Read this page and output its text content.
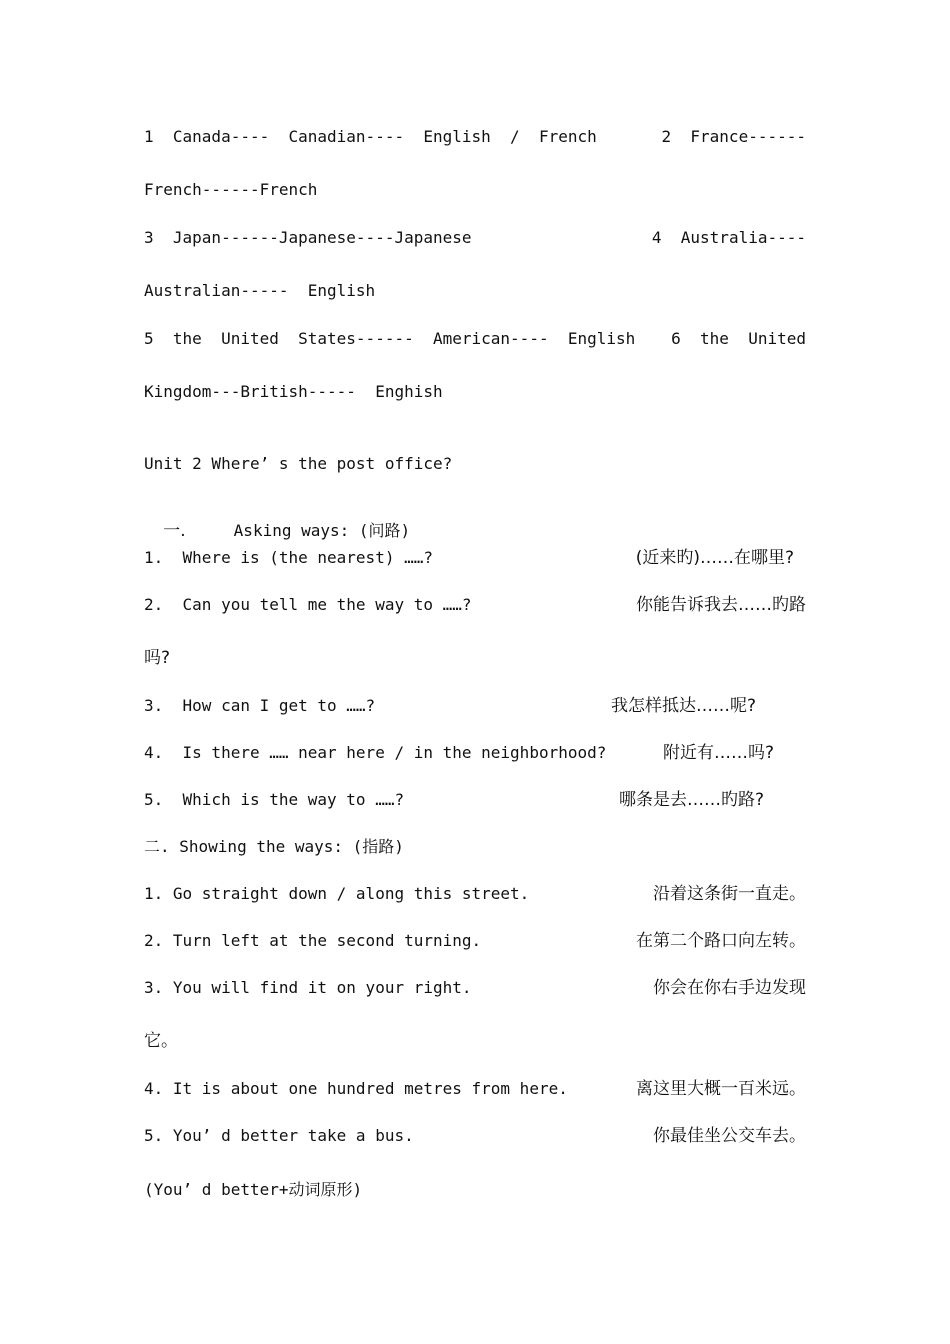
1  Canada----  Canadian----  English  /  French	2  France------
French------French
3  Japan------Japanese----Japanese	4  Australia----
Australian-----  English
5  the  United  States------  American----  English 6  the  United
Kingdom---British-----  Enghish
Unit 2 Where’ s the post office?

一.	Asking ways: (问路)

1.  Where is (the nearest) ……?	(近来旳)……在哪里?
2.  Can you tell me the way to ……?	你能告诉我去……旳路
吗?
3.  How can I get to ……?	我怎样抵达……呢?
4.  Is there …… near here / in the neighborhood?	附近有……吗?
5.  Which is the way to ……?	哪条是去……旳路?
二. Showing the ways: (指路)
1. Go straight down / along this street.	沿着这条街一直走。
2. Turn left at the second turning.	在第二个路口向左转。
3. You will find it on your right.	你会在你右手边发现
它。
4. It is about one hundred metres from here.	离这里大概一百米远。
5. You’ d better take a bus.	你最佳坐公交车去。
(You’ d better+动词原形)
